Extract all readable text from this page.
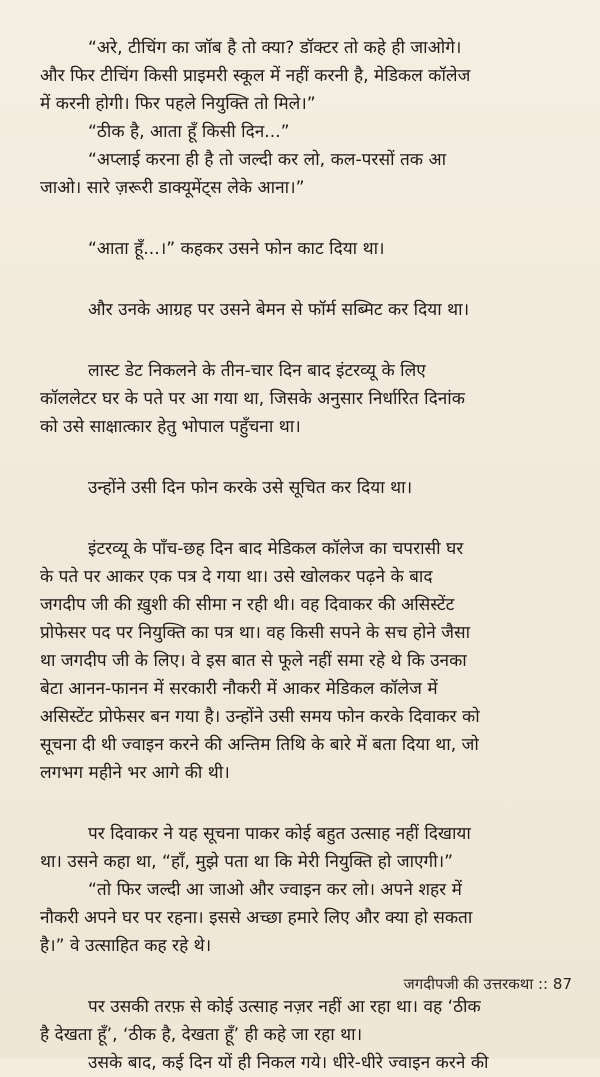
“अरे, टीचिंग का जॉब है तो क्या? डॉक्टर तो कहे ही जाओगे।
और फिर टीचिंग किसी प्राइमरी स्कूल में नहीं करनी है, मेडिकल कॉलेज
में करनी होगी। फिर पहले नियुक्ति तो मिले।”
“ठीक है, आता हूँ किसी दिन...”
“अप्लाई करना ही है तो जल्दी कर लो, कल-परसों तक आ
जाओ। सारे ज़रूरी डाक्यूमेंट्स लेके आना।”
“आता हूँ...।” कहकर उसने फोन काट दिया था।
और उनके आग्रह पर उसने बेमन से फॉर्म सब्मिट कर दिया था।
लास्ट डेट निकलने के तीन-चार दिन बाद इंटरव्यू के लिए
कॉललेटर घर के पते पर आ गया था, जिसके अनुसार निर्धारित दिनांक
को उसे साक्षात्कार हेतु भोपाल पहुँचना था।
उन्होंने उसी दिन फोन करके उसे सूचित कर दिया था।
इंटरव्यू के पाँच-छह दिन बाद मेडिकल कॉलेज का चपरासी घर
के पते पर आकर एक पत्र दे गया था। उसे खोलकर पढ़ने के बाद
जगदीप जी की ख़ुशी की सीमा न रही थी। वह दिवाकर की असिस्टेंट
प्रोफेसर पद पर नियुक्ति का पत्र था। वह किसी सपने के सच होने जैसा
था जगदीप जी के लिए। वे इस बात से फूले नहीं समा रहे थे कि उनका
बेटा आनन-फानन में सरकारी नौकरी में आकर मेडिकल कॉलेज में
असिस्टेंट प्रोफेसर बन गया है। उन्होंने उसी समय फोन करके दिवाकर को
सूचना दी थी ज्वाइन करने की अन्तिम तिथि के बारे में बता दिया था, जो
लगभग महीने भर आगे की थी।
पर दिवाकर ने यह सूचना पाकर कोई बहुत उत्साह नहीं दिखाया
था। उसने कहा था, “हाँ, मुझे पता था कि मेरी नियुक्ति हो जाएगी।”
“तो फिर जल्दी आ जाओ और ज्वाइन कर लो। अपने शहर में
नौकरी अपने घर पर रहना। इससे अच्छा हमारे लिए और क्या हो सकता
है।” वे उत्साहित कह रहे थे।
पर उसकी तरफ़ से कोई उत्साह नज़र नहीं आ रहा था। वह ‘ठीक
है देखता हूँ’, ‘ठीक है, देखता हूँ’ ही कहे जा रहा था।
उसके बाद, कई दिन यों ही निकल गये। धीरे-धीरे ज्वाइन करने की
जगदीपजी की उत्तरकथा :: 87
